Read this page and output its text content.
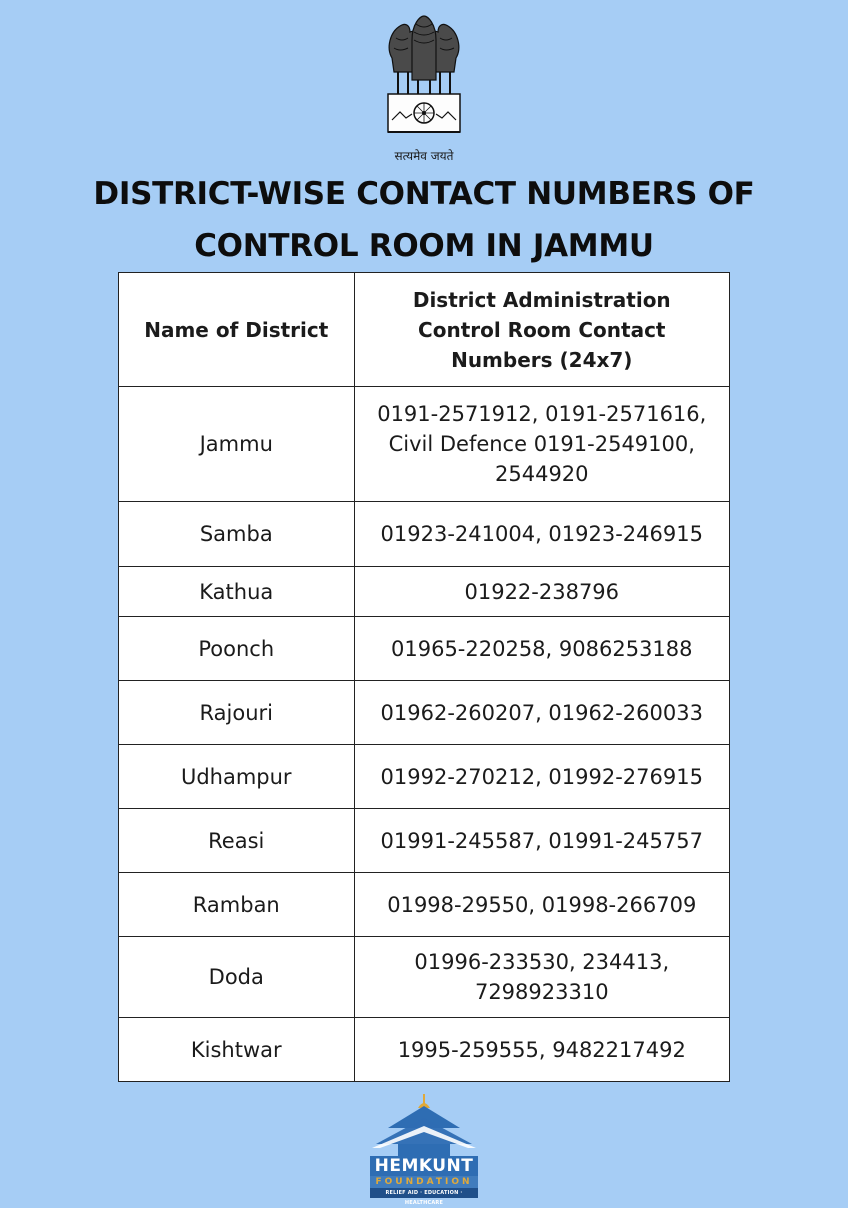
सत्यमेव जयते
DISTRICT-WISE CONTACT NUMBERS OF
CONTROL ROOM IN JAMMU
Name of District	District Administration Control Room Contact Numbers (24x7)
Jammu	0191-2571912, 0191-2571616, Civil Defence 0191-2549100, 2544920
Samba	01923-241004, 01923-246915
Kathua	01922-238796
Poonch	01965-220258, 9086253188
Rajouri	01962-260207, 01962-260033
Udhampur	01992-270212, 01992-276915
Reasi	01991-245587, 01991-245757
Ramban	01998-29550, 01998-266709
Doda	01996-233530, 234413, 7298923310
Kishtwar	1995-259555, 9482217492
HEMKUNT
FOUNDATION
RELIEF AID · EDUCATION · HEALTHCARE
